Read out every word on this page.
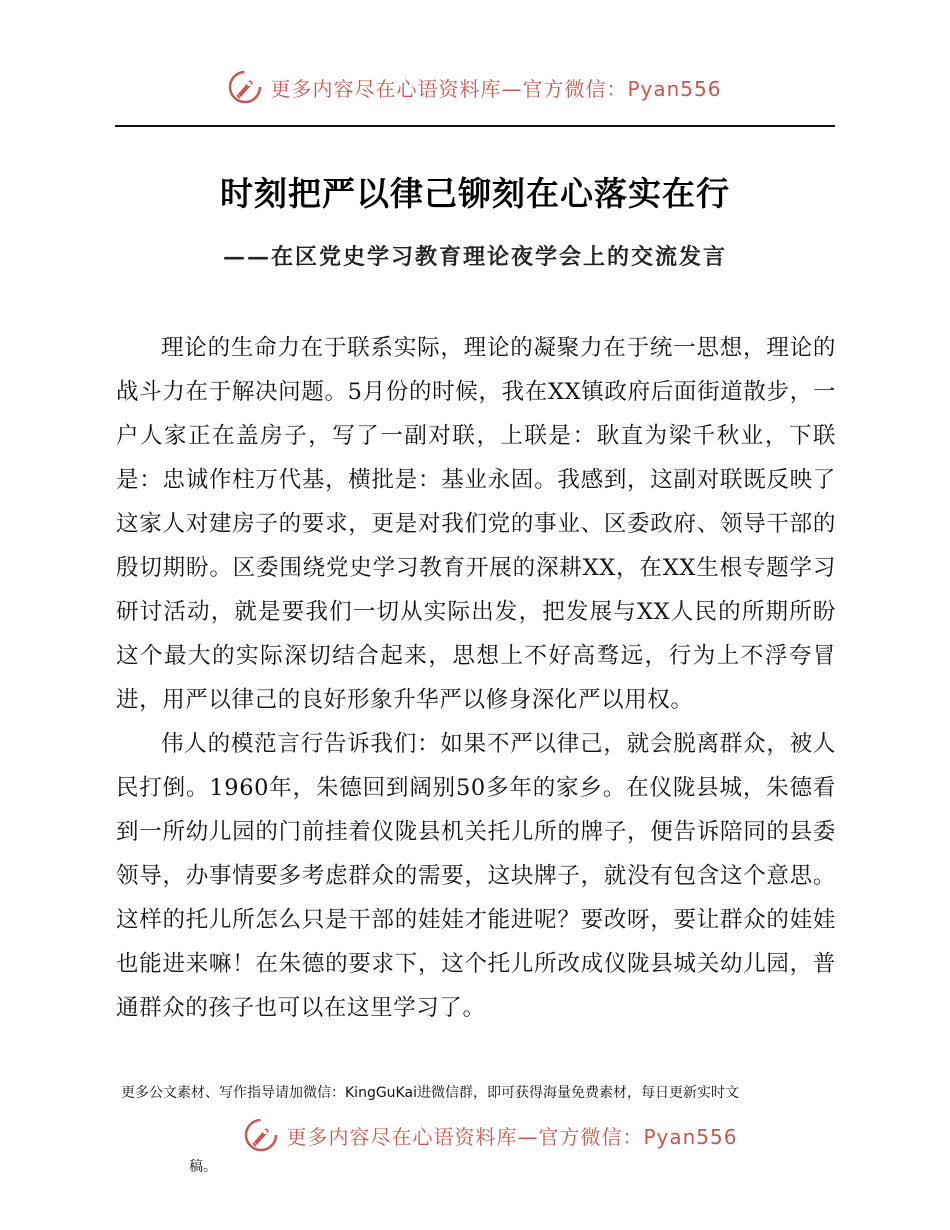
更多内容尽在心语资料库—官方微信：Pyan556
时刻把严以律己铆刻在心落实在行
——在区党史学习教育理论夜学会上的交流发言

理论的生命力在于联系实际，理论的凝聚力在于统一思想，理论的战斗力在于解决问题。5月份的时候，我在XX镇政府后面街道散步，一户人家正在盖房子，写了一副对联，上联是：耿直为梁千秋业，下联是：忠诚作柱万代基，横批是：基业永固。我感到，这副对联既反映了这家人对建房子的要求，更是对我们党的事业、区委政府、领导干部的殷切期盼。区委围绕党史学习教育开展的深耕XX，在XX生根专题学习研讨活动，就是要我们一切从实际出发，把发展与XX人民的所期所盼这个最大的实际深切结合起来，思想上不好高骛远，行为上不浮夸冒进，用严以律己的良好形象升华严以修身深化严以用权。

伟人的模范言行告诉我们：如果不严以律己，就会脱离群众，被人民打倒。1960年，朱德回到阔别50多年的家乡。在仪陇县城，朱德看到一所幼儿园的门前挂着仪陇县机关托儿所的牌子，便告诉陪同的县委领导，办事情要多考虑群众的需要，这块牌子，就没有包含这个意思。这样的托儿所怎么只是干部的娃娃才能进呢？要改呀，要让群众的娃娃也能进来嘛！在朱德的要求下，这个托儿所改成仪陇县城关幼儿园，普通群众的孩子也可以在这里学习了。

更多公文素材、写作指导请加微信：KingGuKai进微信群，即可获得海量免费素材，每日更新实时文

更多内容尽在心语资料库—官方微信：Pyan556

稿。
